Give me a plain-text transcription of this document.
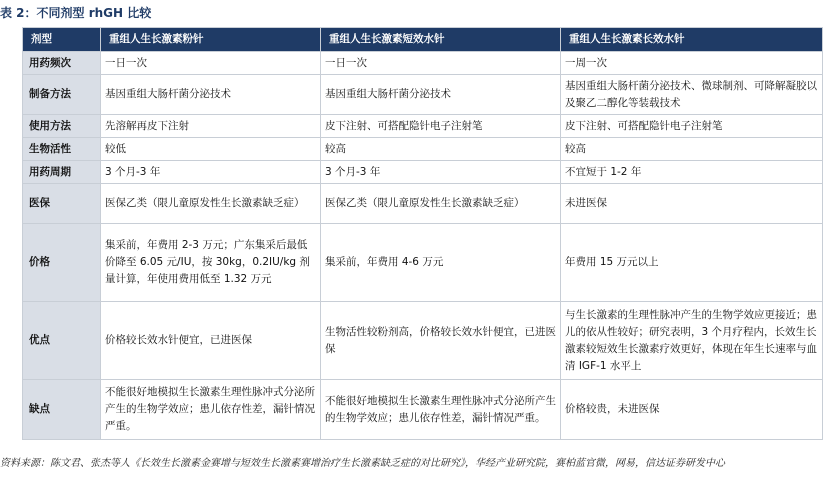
表 2：不同剂型 rhGH 比较
剂型	重组人生长激素粉针	重组人生长激素短效水针	重组人生长激素长效水针
用药频次	一日一次	一日一次	一周一次
制备方法	基因重组大肠杆菌分泌技术	基因重组大肠杆菌分泌技术	基因重组大肠杆菌分泌技术、微球制剂、可降解凝胶以及聚乙二醇化等装载技术
使用方法	先溶解再皮下注射	皮下注射、可搭配隐针电子注射笔	皮下注射、可搭配隐针电子注射笔
生物活性	较低	较高	较高
用药周期	3 个月-3 年	3 个月-3 年	不宜短于 1-2 年
医保	医保乙类（限儿童原发性生长激素缺乏症）	医保乙类（限儿童原发性生长激素缺乏症）	未进医保
价格	集采前，年费用 2-3 万元；广东集采后最低价降至 6.05 元/IU，按 30kg，0.2IU/kg 剂量计算，年使用费用低至 1.32 万元	集采前，年费用 4-6 万元	年费用 15 万元以上
优点	价格较长效水针便宜，已进医保	生物活性较粉剂高，价格较长效水针便宜，已进医保	与生长激素的生理性脉冲产生的生物学效应更接近；患儿的依从性较好；研究表明，3 个月疗程内，长效生长激素较短效生长激素疗效更好，体现在年生长速率与血清 IGF-1 水平上
缺点	不能很好地模拟生长激素生理性脉冲式分泌所产生的生物学效应；患儿依存性差，漏针情况严重。	不能很好地模拟生长激素生理性脉冲式分泌所产生的生物学效应；患儿依存性差，漏针情况严重。	价格较贵，未进医保
资料来源：陈文君、张杰等人《长效生长激素金赛增与短效生长激素赛增治疗生长激素缺乏症的对比研究》，华经产业研究院，赛柏蓝官微，网易，信达证券研发中心
